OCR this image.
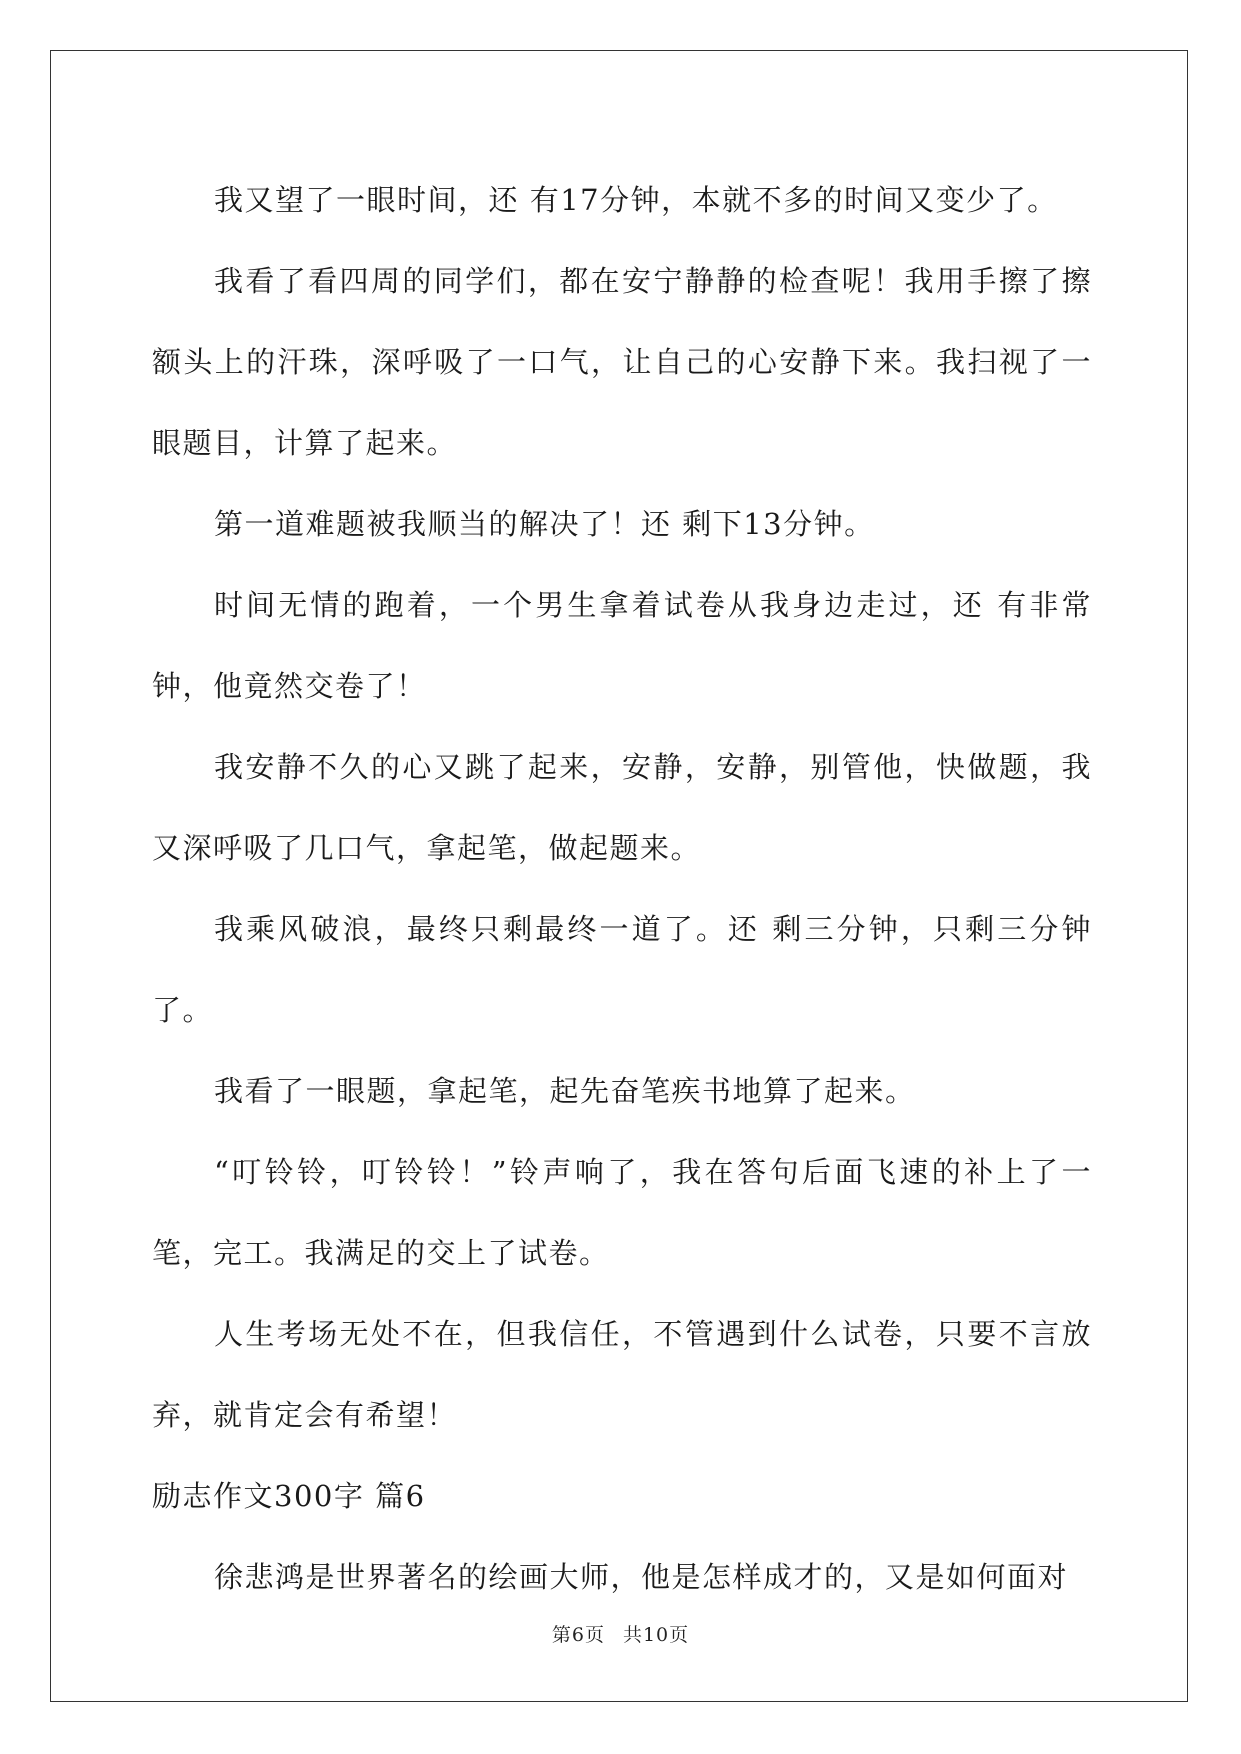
我又望了一眼时间，还 有17分钟，本就不多的时间又变少了。

我看了看四周的同学们，都在安宁静静的检查呢！我用手擦了擦额头上的汗珠，深呼吸了一口气，让自己的心安静下来。我扫视了一眼题目，计算了起来。

第一道难题被我顺当的解决了！还 剩下13分钟。

时间无情的跑着，一个男生拿着试卷从我身边走过，还 有非常钟，他竟然交卷了！

我安静不久的心又跳了起来，安静，安静，别管他，快做题，我又深呼吸了几口气，拿起笔，做起题来。

我乘风破浪，最终只剩最终一道了。还 剩三分钟，只剩三分钟了。

我看了一眼题，拿起笔，起先奋笔疾书地算了起来。

“叮铃铃，叮铃铃！”铃声响了，我在答句后面飞速的补上了一笔，完工。我满足的交上了试卷。

人生考场无处不在，但我信任，不管遇到什么试卷，只要不言放弃，就肯定会有希望！

励志作文300字 篇6

徐悲鸿是世界著名的绘画大师，他是怎样成才的，又是如何面对

第6页 共10页
